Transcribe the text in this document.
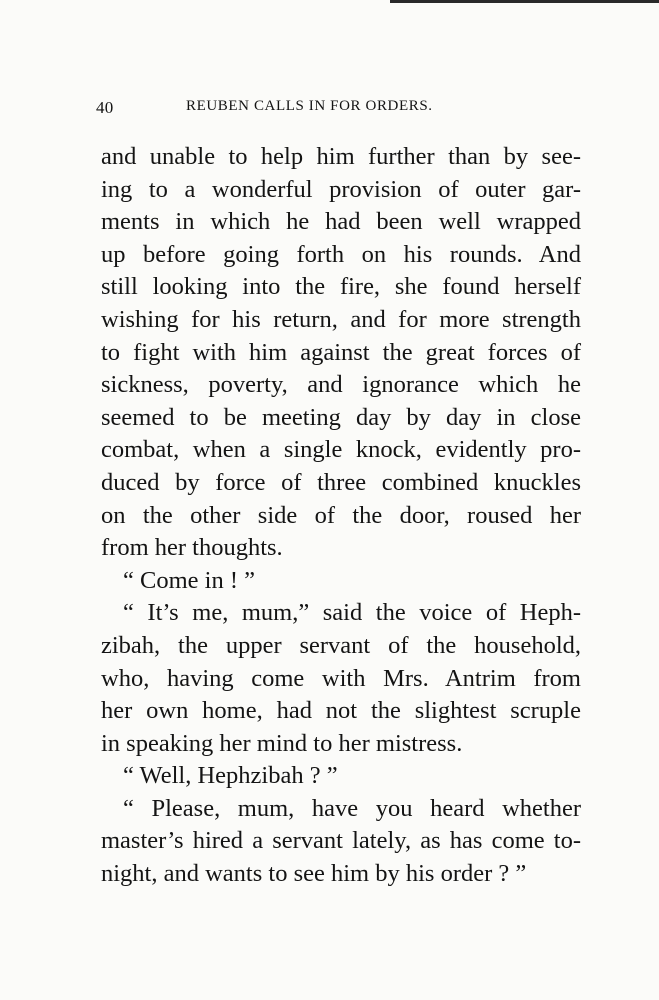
40	REUBEN CALLS IN FOR ORDERS.
and unable to help him further than by see-
ing to a wonderful provision of outer gar-
ments in which he had been well wrapped
up before going forth on his rounds. And
still looking into the fire, she found herself
wishing for his return, and for more strength
to fight with him against the great forces of
sickness, poverty, and ignorance which he
seemed to be meeting day by day in close
combat, when a single knock, evidently pro-
duced by force of three combined knuckles
on the other side of the door, roused her
from her thoughts.
“ Come in ! ”
“ It’s me, mum,” said the voice of Heph-
zibah, the upper servant of the household,
who, having come with Mrs. Antrim from
her own home, had not the slightest scruple
in speaking her mind to her mistress.
“ Well, Hephzibah ? ”
“ Please, mum, have you heard whether
master’s hired a servant lately, as has come to-
night, and wants to see him by his order ? ”
